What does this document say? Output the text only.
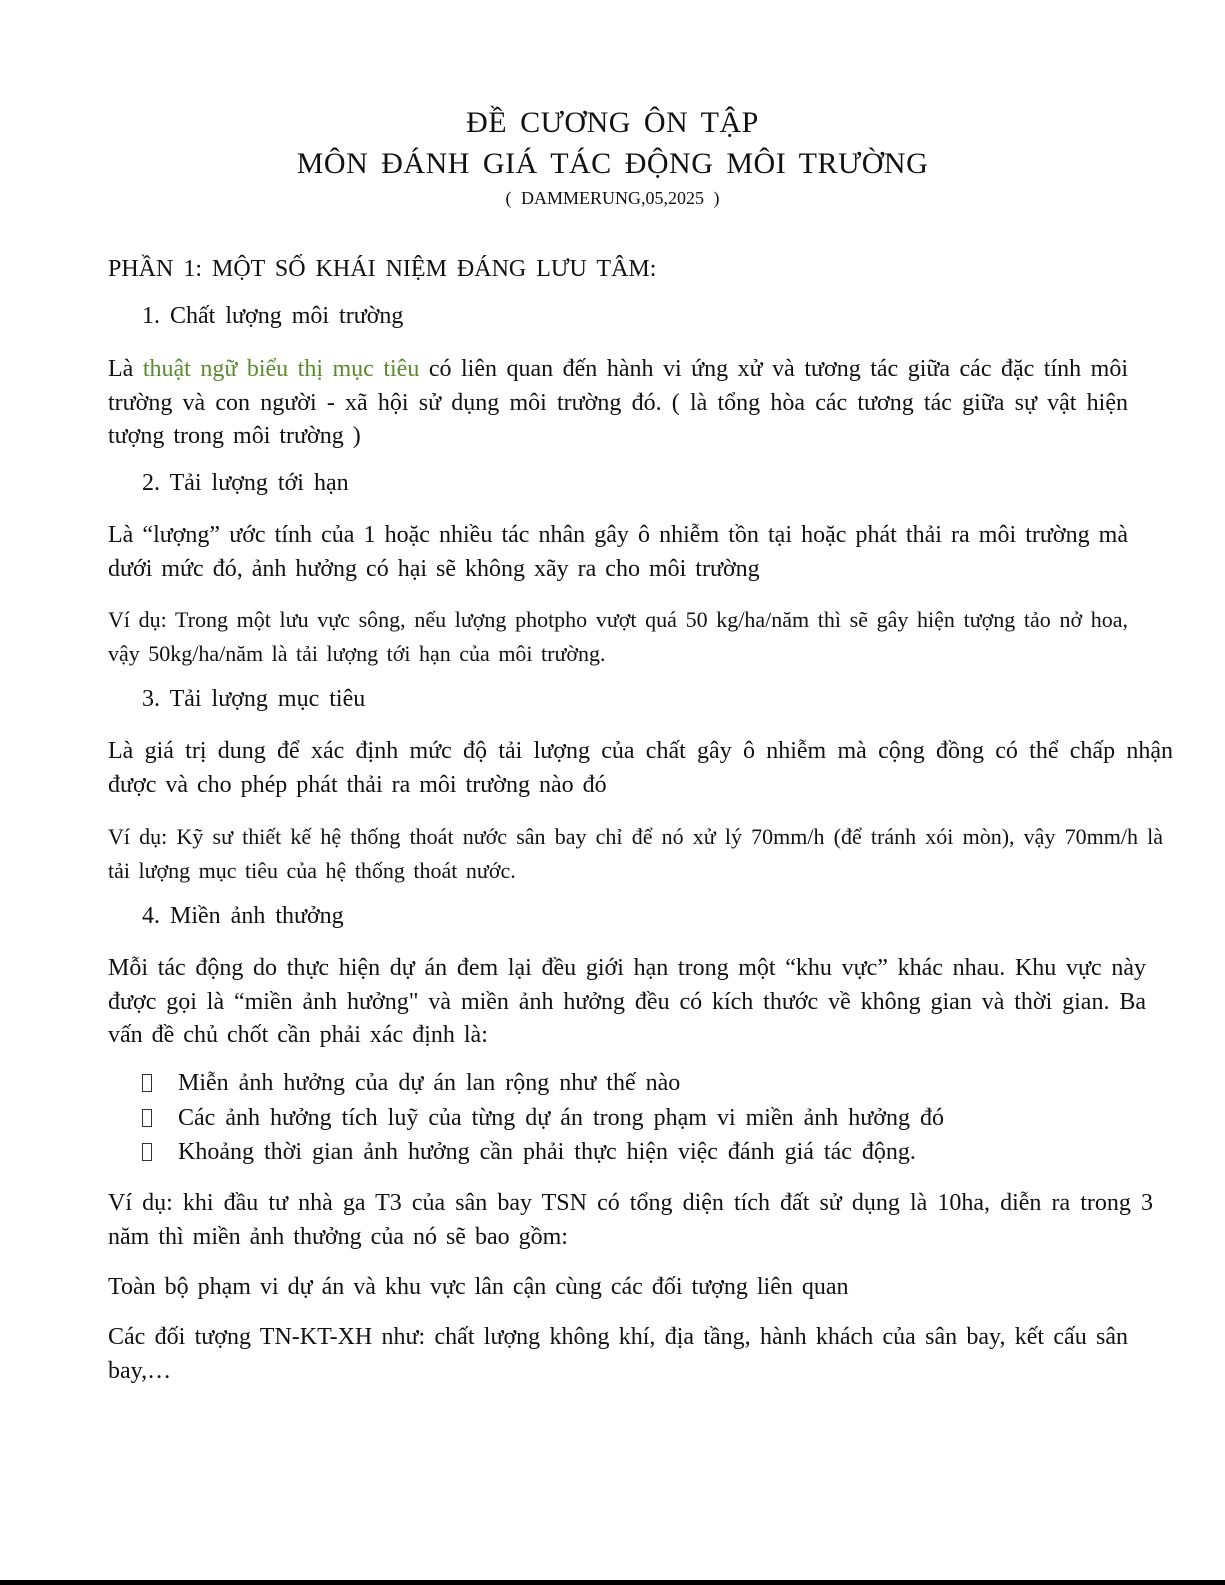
ĐỀ CƯƠNG ÔN TẬP
MÔN ĐÁNH GIÁ TÁC ĐỘNG MÔI TRƯỜNG
( DAMMERUNG,05,2025 )
PHẦN 1: MỘT SỐ KHÁI NIỆM ĐÁNG LƯU TÂM:
1. Chất lượng môi trường
Là thuật ngữ biểu thị mục tiêu có liên quan đến hành vi ứng xử và tương tác giữa các đặc tính môi trường và con người - xã hội sử dụng môi trường đó. ( là tổng hòa các tương tác giữa sự vật hiện tượng trong môi trường )
2. Tải lượng tới hạn
Là “lượng” ước tính của 1 hoặc nhiều tác nhân gây ô nhiễm tồn tại hoặc phát thải ra môi trường mà dưới mức đó, ảnh hưởng có hại sẽ không xãy ra cho môi trường
Ví dụ: Trong một lưu vực sông, nếu lượng photpho vượt quá 50 kg/ha/năm thì sẽ gây hiện tượng tảo nở hoa, vậy 50kg/ha/năm là tải lượng tới hạn của môi trường.
3. Tải lượng mục tiêu
Là giá trị dung để xác định mức độ tải lượng của chất gây ô nhiễm mà cộng đồng có thể chấp nhận được và cho phép phát thải ra môi trường nào đó
Ví dụ: Kỹ sư thiết kế hệ thống thoát nước sân bay chỉ để nó xử lý 70mm/h (để tránh xói mòn), vậy 70mm/h là tải lượng mục tiêu của hệ thống thoát nước.
4. Miền ảnh thưởng
Mỗi tác động do thực hiện dự án đem lại đều giới hạn trong một “khu vực” khác nhau. Khu vực này được gọi là “miền ảnh hưởng" và miền ảnh hưởng đều có kích thước về không gian và thời gian. Ba vấn đề chủ chốt cần phải xác định là:
Miễn ảnh hưởng của dự án lan rộng như thế nào
Các ảnh hưởng tích luỹ của từng dự án trong phạm vi miền ảnh hưởng đó
Khoảng thời gian ảnh hưởng cần phải thực hiện việc đánh giá tác động.
Ví dụ: khi đầu tư nhà ga T3 của sân bay TSN có tổng diện tích đất sử dụng là 10ha, diễn ra trong 3 năm thì miền ảnh thưởng của nó sẽ bao gồm:
Toàn bộ phạm vi dự án và khu vực lân cận cùng các đối tượng liên quan
Các đối tượng TN-KT-XH như: chất lượng không khí, địa tầng, hành khách của sân bay, kết cấu sân bay,…
